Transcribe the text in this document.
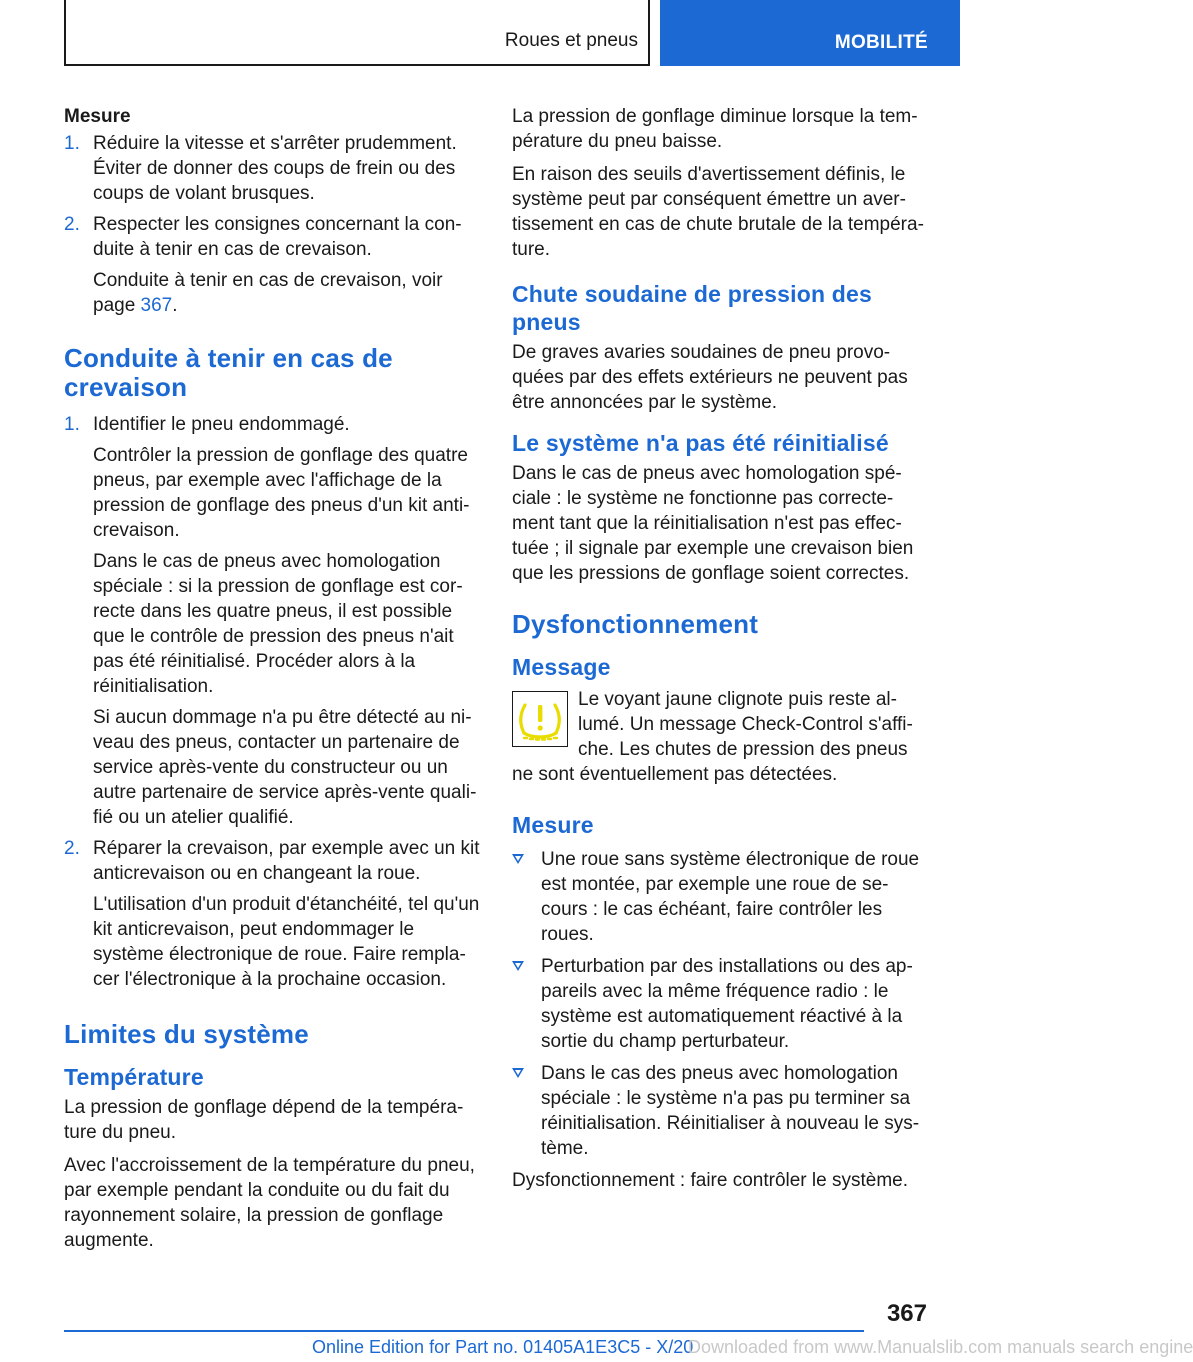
Roues et pneus	MOBILITÉ

Mesure

1. Réduire la vitesse et s'arrêter prudemment. Éviter de donner des coups de frein ou des coups de volant brusques.

2. Respecter les consignes concernant la conduite à tenir en cas de crevaison.

Conduite à tenir en cas de crevaison, voir page 367.

Conduite à tenir en cas de crevaison
1. Identifier le pneu endommagé.

Contrôler la pression de gonflage des quatre pneus, par exemple avec l'affichage de la pression de gonflage des pneus d'un kit anticrevaison.

Dans le cas de pneus avec homologation spéciale : si la pression de gonflage est correcte dans les quatre pneus, il est possible que le contrôle de pression des pneus n'ait pas été réinitialisé. Procéder alors à la réinitialisation.

Si aucun dommage n'a pu être détecté au niveau des pneus, contacter un partenaire de service après-vente du constructeur ou un autre partenaire de service après-vente qualifié ou un atelier qualifié.

2. Réparer la crevaison, par exemple avec un kit anticrevaison ou en changeant la roue.

L'utilisation d'un produit d'étanchéité, tel qu'un kit anticrevaison, peut endommager le système électronique de roue. Faire remplacer l'électronique à la prochaine occasion.

Limites du système
Température

La pression de gonflage dépend de la température du pneu.

Avec l'accroissement de la température du pneu, par exemple pendant la conduite ou du fait du rayonnement solaire, la pression de gonflage augmente.

La pression de gonflage diminue lorsque la température du pneu baisse.

En raison des seuils d'avertissement définis, le système peut par conséquent émettre un avertissement en cas de chute brutale de la température.

Chute soudaine de pression des pneus

De graves avaries soudaines de pneu provoquées par des effets extérieurs ne peuvent pas être annoncées par le système.

Le système n'a pas été réinitialisé

Dans le cas de pneus avec homologation spéciale : le système ne fonctionne pas correctement tant que la réinitialisation n'est pas effectuée ; il signale par exemple une crevaison bien que les pressions de gonflage soient correctes.

Dysfonctionnement
Message

Le voyant jaune clignote puis reste allumé. Un message Check-Control s'affiche. Les chutes de pression des pneus ne sont éventuellement pas détectées.

Mesure
Une roue sans système électronique de roue est montée, par exemple une roue de secours : le cas échéant, faire contrôler les roues.
Perturbation par des installations ou des appareils avec la même fréquence radio : le système est automatiquement réactivé à la sortie du champ perturbateur.
Dans le cas des pneus avec homologation spéciale : le système n'a pas pu terminer sa réinitialisation. Réinitialiser à nouveau le système.

Dysfonctionnement : faire contrôler le système.

367
Online Edition for Part no. 01405A1E3C5 - X/20
Downloaded from www.Manualslib.com manuals search engine
